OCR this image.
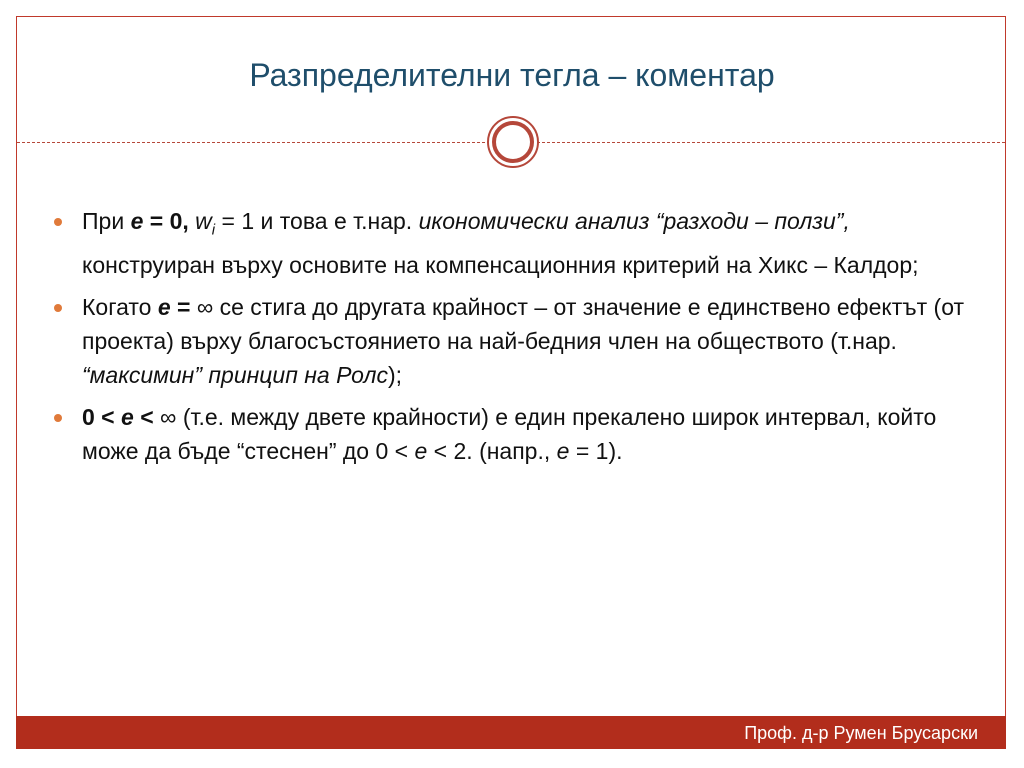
Разпределителни тегла – коментар
При e = 0, $w_i = 1$ и това е т.нар. икономически анализ “разходи – ползи”, конструиран върху основите на компенсационния критерий на Хикс – Калдор;
Когато e = ∞ се стига до другата крайност – от значение е единствено ефектът (от проекта) върху благосъстоянието на най-бедния член на обществото (т.нар. “максимин” принцип на Ролс);
0 < e < ∞ (т.е. между двете крайности) е един прекалено широк интервал, който може да бъде “стеснен” до 0 < e < 2. (напр., e = 1).
Проф. д-р Румен Брусарски
